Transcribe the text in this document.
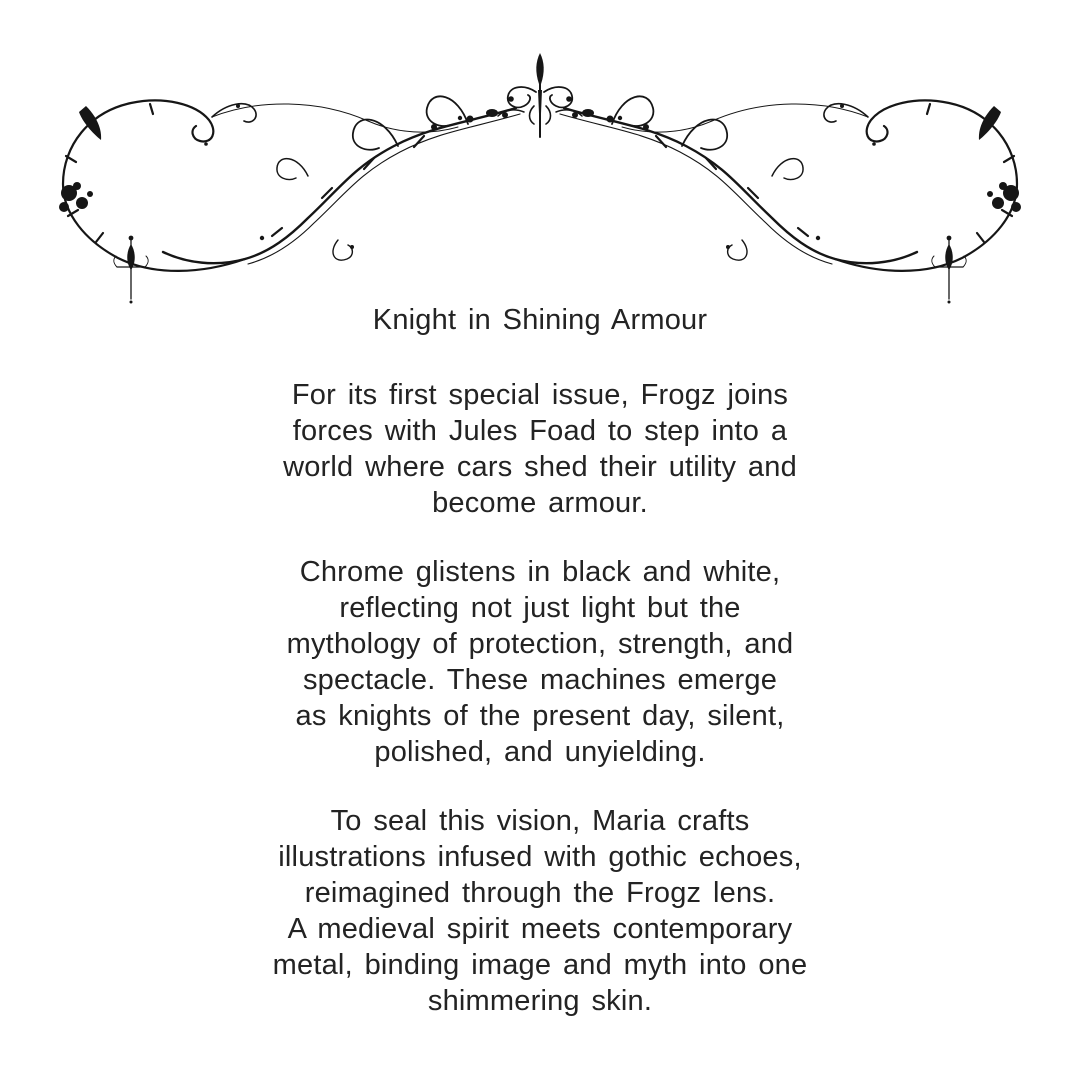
Knight in Shining Armour

For its first special issue, Frogz joins
forces with Jules Foad to step into a
world where cars shed their utility and
become armour.

Chrome glistens in black and white,
reflecting not just light but the
mythology of protection, strength, and
spectacle. These machines emerge
as knights of the present day, silent,
polished, and unyielding.

To seal this vision, Maria crafts
illustrations infused with gothic echoes,
reimagined through the Frogz lens.
A medieval spirit meets contemporary
metal, binding image and myth into one
shimmering skin.
